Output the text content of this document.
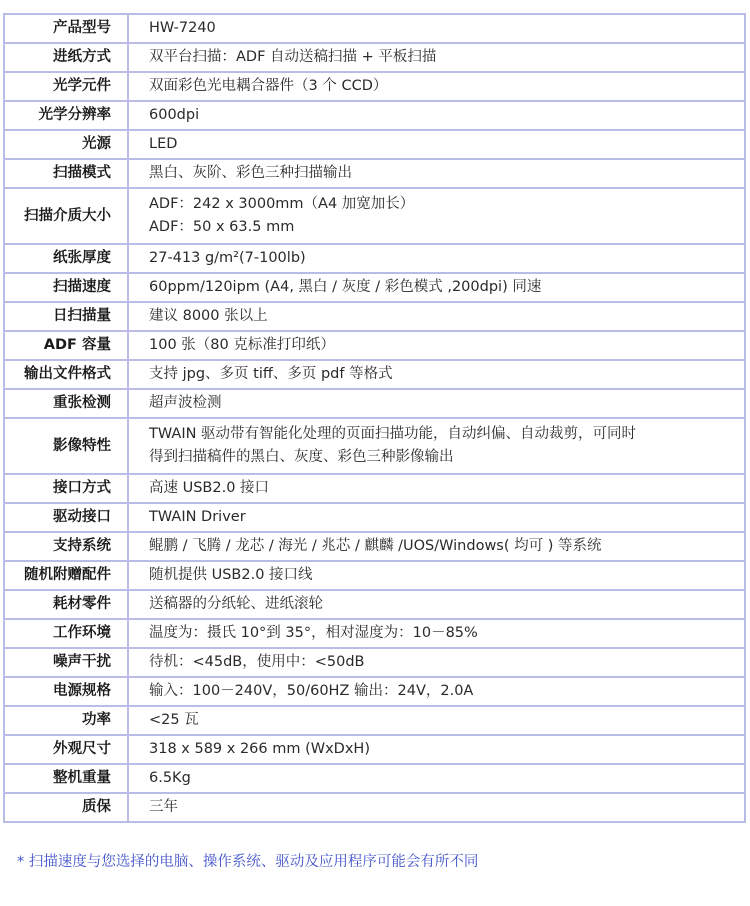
产品型号	HW-7240

进纸方式	双平台扫描：ADF 自动送稿扫描 + 平板扫描

光学元件	双面彩色光电耦合器件（3 个 CCD）

光学分辨率	600dpi

光源	LED

扫描模式	黑白、灰阶、彩色三种扫描输出

扫描介质大小	ADF：242 x 3000mm（A4 加宽加长）
ADF：50 x 63.5 mm

纸张厚度	27-413 g/m²(7-100lb)

扫描速度	60ppm/120ipm (A4, 黑白 / 灰度 / 彩色模式 ,200dpi) 同速

日扫描量	建议 8000 张以上

ADF 容量	100 张（80 克标准打印纸）

输出文件格式	支持 jpg、多页 tiff、多页 pdf 等格式

重张检测	超声波检测

影像特性	TWAIN 驱动带有智能化处理的页面扫描功能，自动纠偏、自动裁剪，可同时
得到扫描稿件的黑白、灰度、彩色三种影像输出

接口方式	高速 USB2.0 接口

驱动接口	TWAIN Driver

支持系统	鲲鹏 / 飞腾 / 龙芯 / 海光 / 兆芯 / 麒麟 /UOS/Windows( 均可 ) 等系统

随机附赠配件	随机提供 USB2.0 接口线

耗材零件	送稿器的分纸轮、进纸滚轮

工作环境	温度为：摄氏 10°到 35°，相对湿度为：10－85%

噪声干扰	待机：<45dB，使用中：<50dB

电源规格	输入：100－240V，50/60HZ 输出：24V，2.0A

功率	<25 瓦

外观尺寸	318 x 589 x 266 mm (WxDxH)

整机重量	6.5Kg

质保	三年
* 扫描速度与您选择的电脑、操作系统、驱动及应用程序可能会有所不同
